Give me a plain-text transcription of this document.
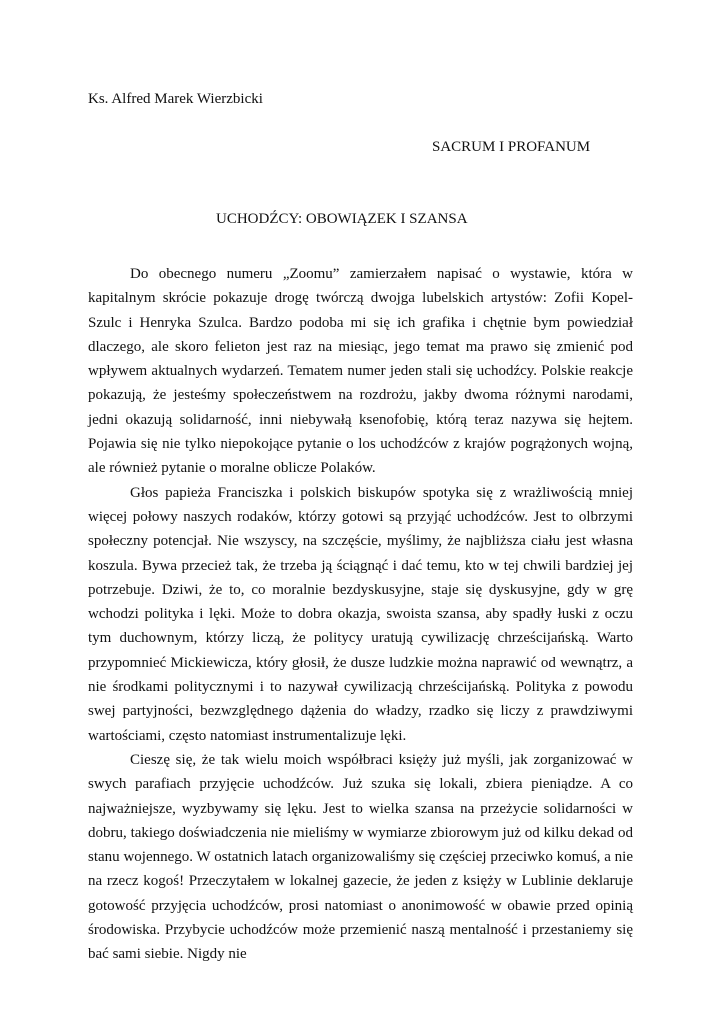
Ks. Alfred Marek Wierzbicki

SACRUM I PROFANUM

UCHODŹCY: OBOWIĄZEK I SZANSA

Do obecnego numeru „Zoomu” zamierzałem napisać o wystawie, która w kapitalnym skrócie pokazuje drogę twórczą dwojga lubelskich artystów: Zofii Kopel-Szulc i Henryka Szulca. Bardzo podoba mi się ich grafika i chętnie bym powiedział dlaczego, ale skoro felieton jest raz na miesiąc, jego temat ma prawo się zmienić pod wpływem aktualnych wydarzeń. Tematem numer jeden stali się uchodźcy. Polskie reakcje pokazują, że jesteśmy społeczeństwem na rozdrożu, jakby dwoma różnymi narodami, jedni okazują solidarność, inni niebywałą ksenofobię, którą teraz nazywa się hejtem. Pojawia się nie tylko niepokojące pytanie o los uchodźców z krajów pogrążonych wojną, ale również pytanie o moralne oblicze Polaków.

Głos papieża Franciszka i polskich biskupów spotyka się z wrażliwością mniej więcej połowy naszych rodaków, którzy gotowi są przyjąć uchodźców. Jest to olbrzymi społeczny potencjał. Nie wszyscy, na szczęście, myślimy, że najbliższa ciału jest własna koszula. Bywa przecież tak, że trzeba ją ściągnąć i dać temu, kto w tej chwili bardziej jej potrzebuje. Dziwi, że to, co moralnie bezdyskusyjne, staje się dyskusyjne, gdy w grę wchodzi polityka i lęki. Może to dobra okazja, swoista szansa, aby spadły łuski z oczu tym duchownym, którzy liczą, że politycy uratują cywilizację chrześcijańską. Warto przypomnieć Mickiewicza, który głosił, że dusze ludzkie można naprawić od wewnątrz, a nie środkami politycznymi i to nazywał cywilizacją chrześcijańską. Polityka z powodu swej partyjności, bezwzględnego dążenia do władzy, rzadko się liczy z prawdziwymi wartościami, często natomiast instrumentalizuje lęki.

Cieszę się, że tak wielu moich współbraci księży już myśli, jak zorganizować w swych parafiach przyjęcie uchodźców. Już szuka się lokali, zbiera pieniądze. A co najważniejsze, wyzbywamy się lęku. Jest to wielka szansa na przeżycie solidarności w dobru, takiego doświadczenia nie mieliśmy w wymiarze zbiorowym już od kilku dekad od stanu wojennego. W ostatnich latach organizowaliśmy się częściej przeciwko komuś, a nie na rzecz kogoś! Przeczytałem w lokalnej gazecie, że jeden z księży w Lublinie deklaruje gotowość przyjęcia uchodźców, prosi natomiast o anonimowość w obawie przed opinią środowiska. Przybycie uchodźców może przemienić naszą mentalność i przestaniemy się bać sami siebie. Nigdy nie
